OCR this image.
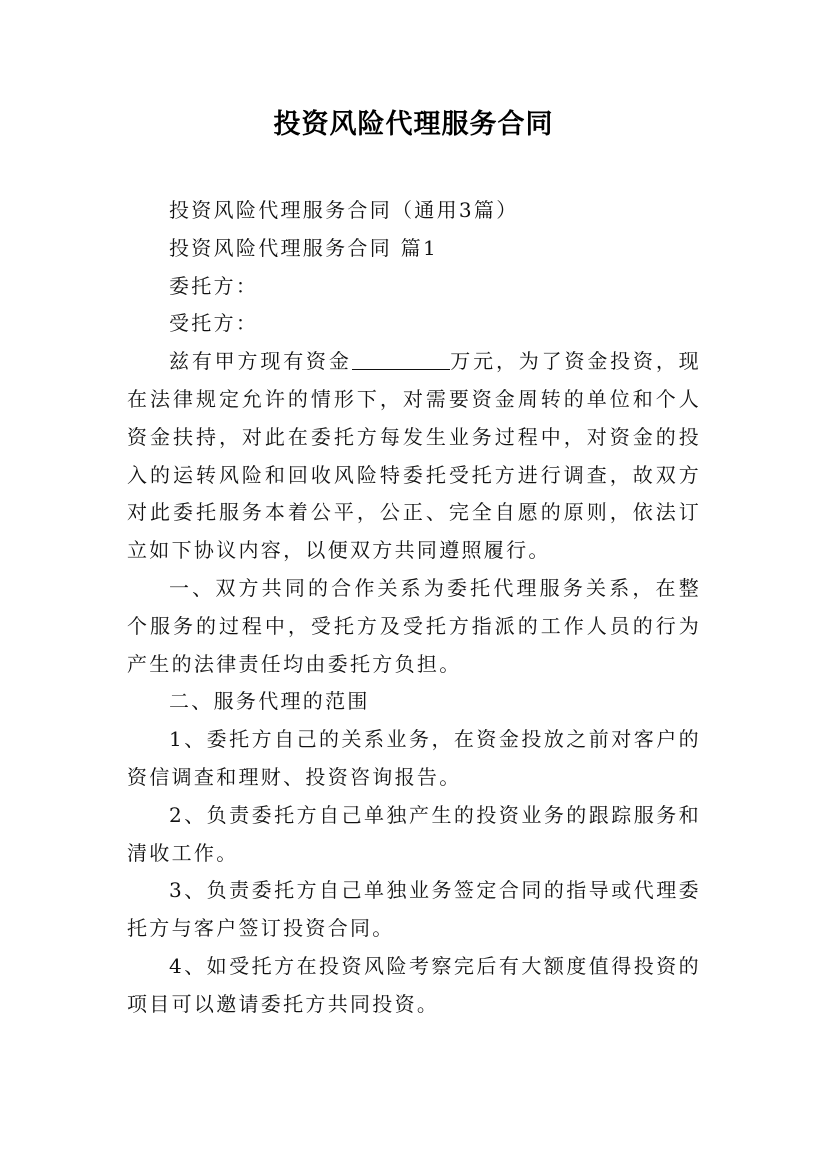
投资风险代理服务合同

投资风险代理服务合同（通用3篇）

投资风险代理服务合同 篇1

委托方：

受托方：

兹有甲方现有资金	万元，为了资金投资，现在法律规定允许的情形下，对需要资金周转的单位和个人资金扶持，对此在委托方每发生业务过程中，对资金的投入的运转风险和回收风险特委托受托方进行调查，故双方对此委托服务本着公平，公正、完全自愿的原则，依法订立如下协议内容，以便双方共同遵照履行。

一、双方共同的合作关系为委托代理服务关系，在整个服务的过程中，受托方及受托方指派的工作人员的行为产生的法律责任均由委托方负担。

二、服务代理的范围

1、委托方自己的关系业务，在资金投放之前对客户的资信调查和理财、投资咨询报告。

2、负责委托方自己单独产生的投资业务的跟踪服务和清收工作。

3、负责委托方自己单独业务签定合同的指导或代理委托方与客户签订投资合同。

4、如受托方在投资风险考察完后有大额度值得投资的项目可以邀请委托方共同投资。
